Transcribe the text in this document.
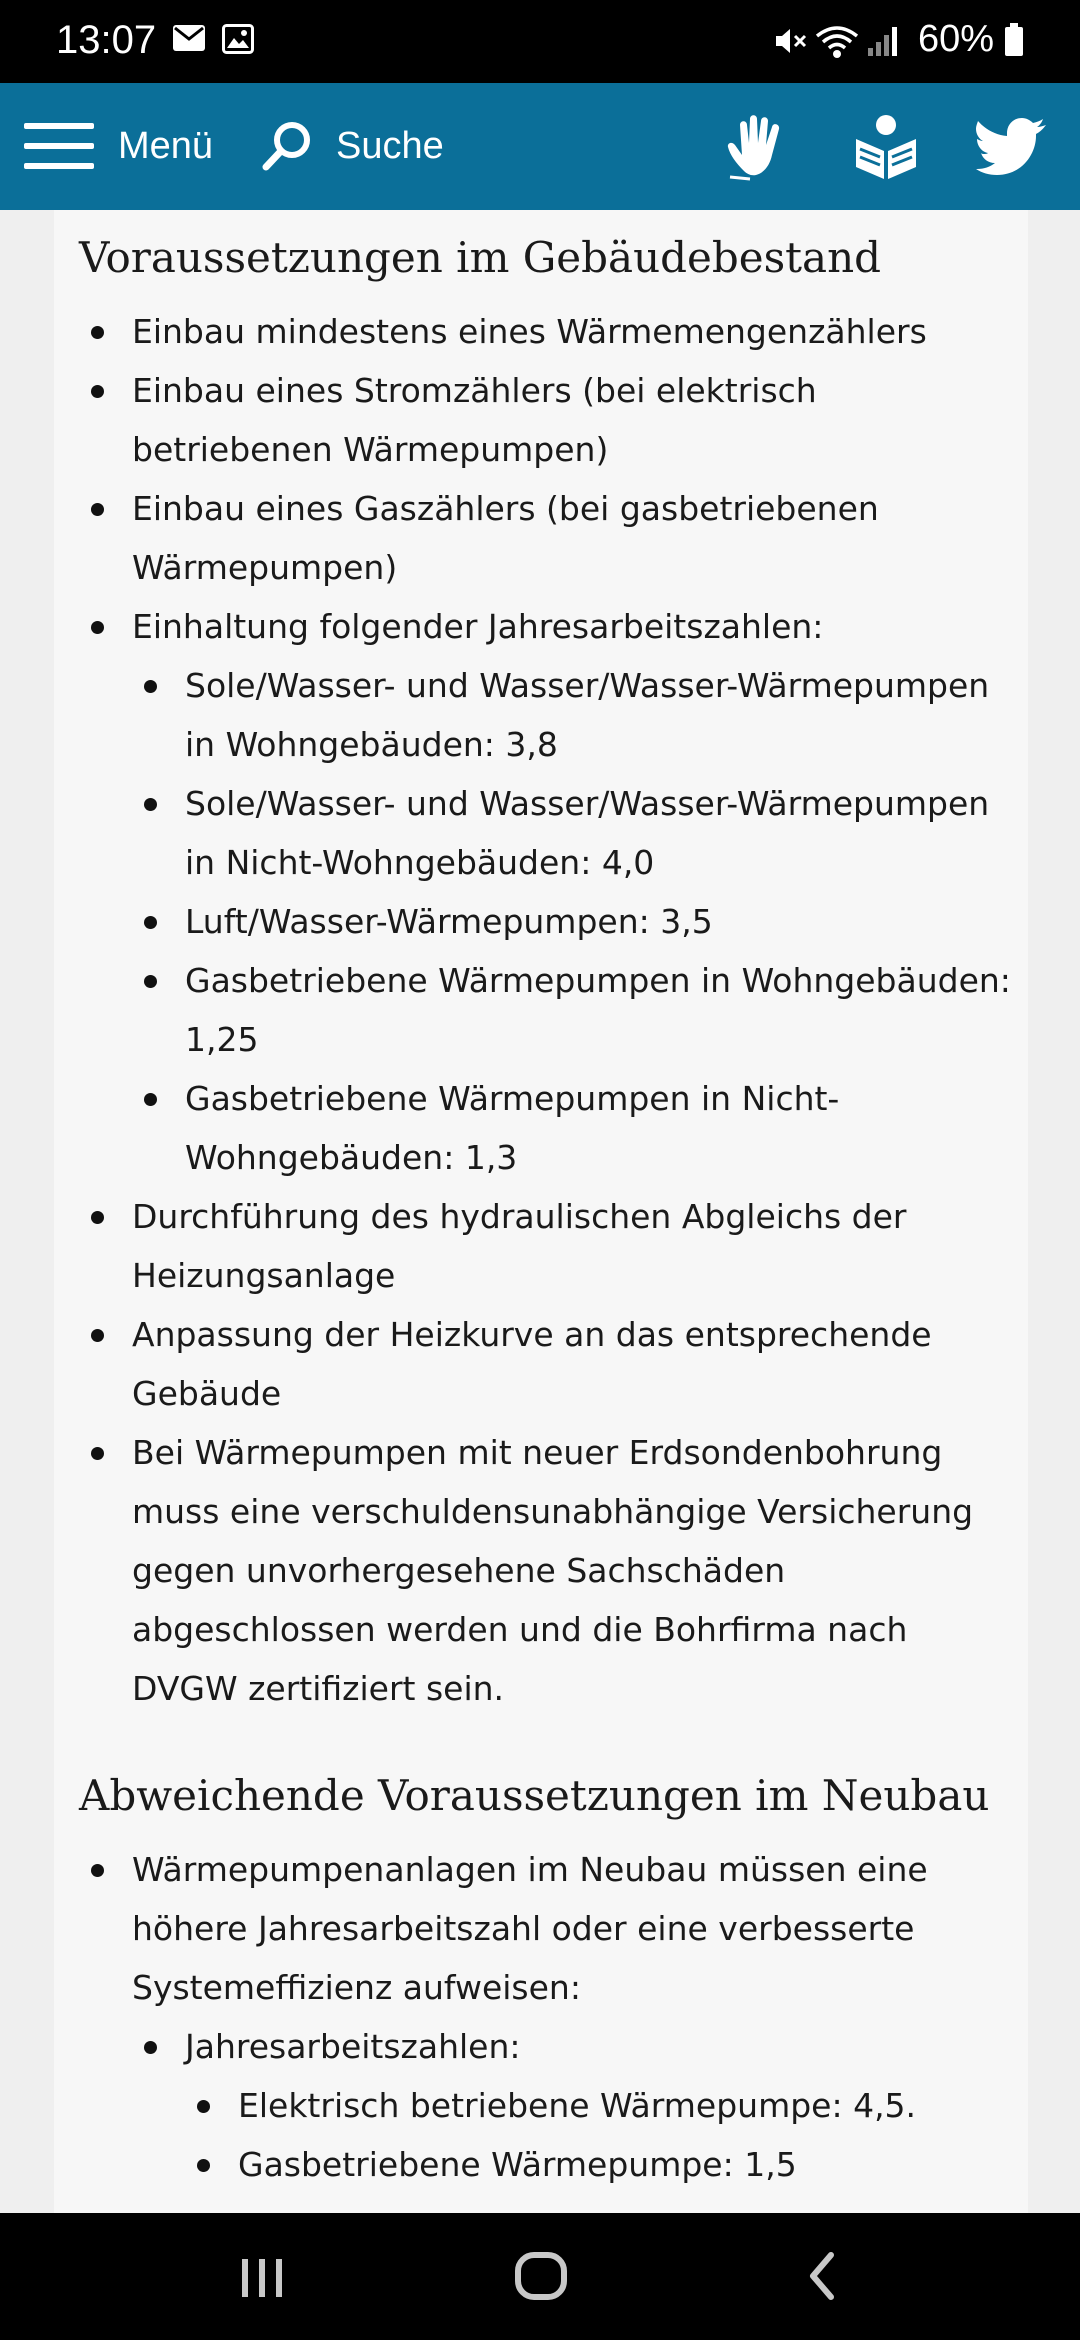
13:07	60%
Menü	Suche
Voraussetzungen im Gebäudebestand
Einbau mindestens eines Wärmemengenzählers
Einbau eines Stromzählers (bei elektrisch betriebenen Wärmepumpen)
Einbau eines Gaszählers (bei gasbetriebenen Wärmepumpen)
Einhaltung folgender Jahresarbeitszahlen:
Sole/Wasser- und Wasser/Wasser-Wärmepumpen in Wohngebäuden: 3,8
Sole/Wasser- und Wasser/Wasser-Wärmepumpen in Nicht-Wohngebäuden: 4,0
Luft/Wasser-Wärmepumpen: 3,5
Gasbetriebene Wärmepumpen in Wohngebäuden: 1,25
Gasbetriebene Wärmepumpen in Nicht-Wohngebäuden: 1,3
Durchführung des hydraulischen Abgleichs der Heizungsanlage
Anpassung der Heizkurve an das entsprechende Gebäude
Bei Wärmepumpen mit neuer Erdsondenbohrung muss eine verschuldensunabhängige Versicherung gegen unvorhergesehene Sachschäden abgeschlossen werden und die Bohrfirma nach DVGW zertifiziert sein.
Abweichende Voraussetzungen im Neubau
Wärmepumpenanlagen im Neubau müssen eine höhere Jahresarbeitszahl oder eine verbesserte Systemeffizienz aufweisen:
Jahresarbeitszahlen:
Elektrisch betriebene Wärmepumpe: 4,5.
Gasbetriebene Wärmepumpe: 1,5
